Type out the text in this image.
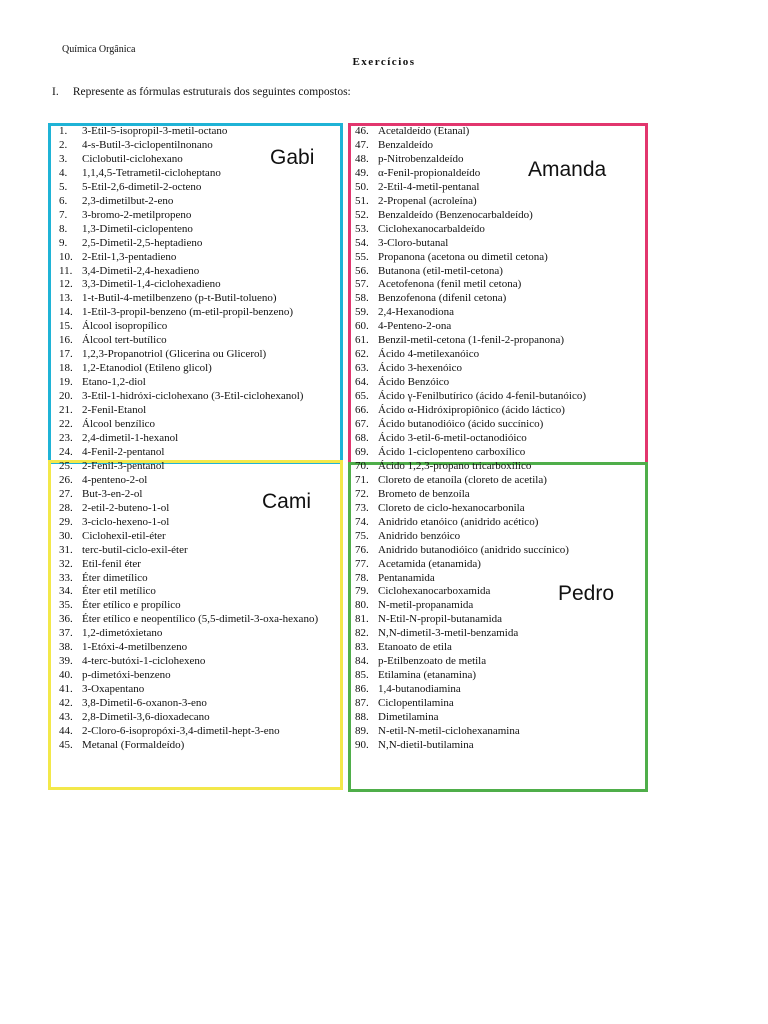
Química Orgânica
Exercícios
I. Represente as fórmulas estruturais dos seguintes compostos:
Gabi
Amanda
Cami
Pedro
1. 3-Etil-5-isopropil-3-metil-octano
2. 4-s-Butil-3-ciclopentilnonano
3. Ciclobutil-ciclohexano
4. 1,1,4,5-Tetrametil-cicloheptano
5. 5-Etil-2,6-dimetil-2-octeno
6. 2,3-dimetilbut-2-eno
7. 3-bromo-2-metilpropeno
8. 1,3-Dimetil-ciclopenteno
9. 2,5-Dimetil-2,5-heptadieno
10. 2-Etil-1,3-pentadieno
11. 3,4-Dimetil-2,4-hexadieno
12. 3,3-Dimetil-1,4-ciclohexadieno
13. 1-t-Butil-4-metilbenzeno (p-t-Butil-tolueno)
14. 1-Etil-3-propil-benzeno (m-etil-propil-benzeno)
15. Álcool isopropílico
16. Álcool tert-butílico
17. 1,2,3-Propanotriol (Glicerina ou Glicerol)
18. 1,2-Etanodiol (Etileno glicol)
19. Etano-1,2-diol
20. 3-Etil-1-hidróxi-ciclohexano (3-Etil-ciclohexanol)
21. 2-Fenil-Etanol
22. Álcool benzílico
23. 2,4-dimetil-1-hexanol
24. 4-Fenil-2-pentanol
25. 2-Fenil-3-pentanol
26. 4-penteno-2-ol
27. But-3-en-2-ol
28. 2-etil-2-buteno-1-ol
29. 3-ciclo-hexeno-1-ol
30. Ciclohexil-etil-éter
31. terc-butil-ciclo-exil-éter
32. Etil-fenil éter
33. Éter dimetílico
34. Éter etil metílico
35. Éter etílico e propílico
36. Éter etílico e neopentílico (5,5-dimetil-3-oxa-hexano)
37. 1,2-dimetóxietano
38. 1-Etóxi-4-metilbenzeno
39. 4-terc-butóxi-1-ciclohexeno
40. p-dimetóxi-benzeno
41. 3-Oxapentano
42. 3,8-Dimetil-6-oxanon-3-eno
43. 2,8-Dimetil-3,6-dioxadecano
44. 2-Cloro-6-isopropóxi-3,4-dimetil-hept-3-eno
45. Metanal (Formaldeído)
46. Acetaldeído (Etanal)
47. Benzaldeído
48. p-Nitrobenzaldeído
49. α-Fenil-propionaldeído
50. 2-Etil-4-metil-pentanal
51. 2-Propenal (acroleína)
52. Benzaldeído (Benzenocarbaldeído)
53. Ciclohexanocarbaldeído
54. 3-Cloro-butanal
55. Propanona (acetona ou dimetil cetona)
56. Butanona (etil-metil-cetona)
57. Acetofenona (fenil metil cetona)
58. Benzofenona (difenil cetona)
59. 2,4-Hexanodiona
60. 4-Penteno-2-ona
61. Benzil-metil-cetona (1-fenil-2-propanona)
62. Ácido 4-metilexanóico
63. Ácido 3-hexenóico
64. Ácido Benzóico
65. Ácido γ-Fenilbutírico (ácido 4-fenil-butanóico)
66. Ácido α-Hidróxipropiônico (ácido láctico)
67. Ácido butanodióico (ácido succínico)
68. Ácido 3-etil-6-metil-octanodióico
69. Ácido 1-ciclopenteno carboxílico
70. Ácido 1,2,3-propano tricarboxílico
71. Cloreto de etanoíla (cloreto de acetila)
72. Brometo de benzoíla
73. Cloreto de ciclo-hexanocarbonila
74. Anidrido etanóico (anidrido acético)
75. Anidrido benzóico
76. Anidrido butanodióico (anidrido succínico)
77. Acetamida (etanamida)
78. Pentanamida
79. Ciclohexanocarboxamida
80. N-metil-propanamida
81. N-Etil-N-propil-butanamida
82. N,N-dimetil-3-metil-benzamida
83. Etanoato de etila
84. p-Etilbenzoato de metila
85. Etilamina (etanamina)
86. 1,4-butanodiamina
87. Ciclopentilamina
88. Dimetilamina
89. N-etil-N-metil-ciclohexanamina
90. N,N-dietil-butilamina
